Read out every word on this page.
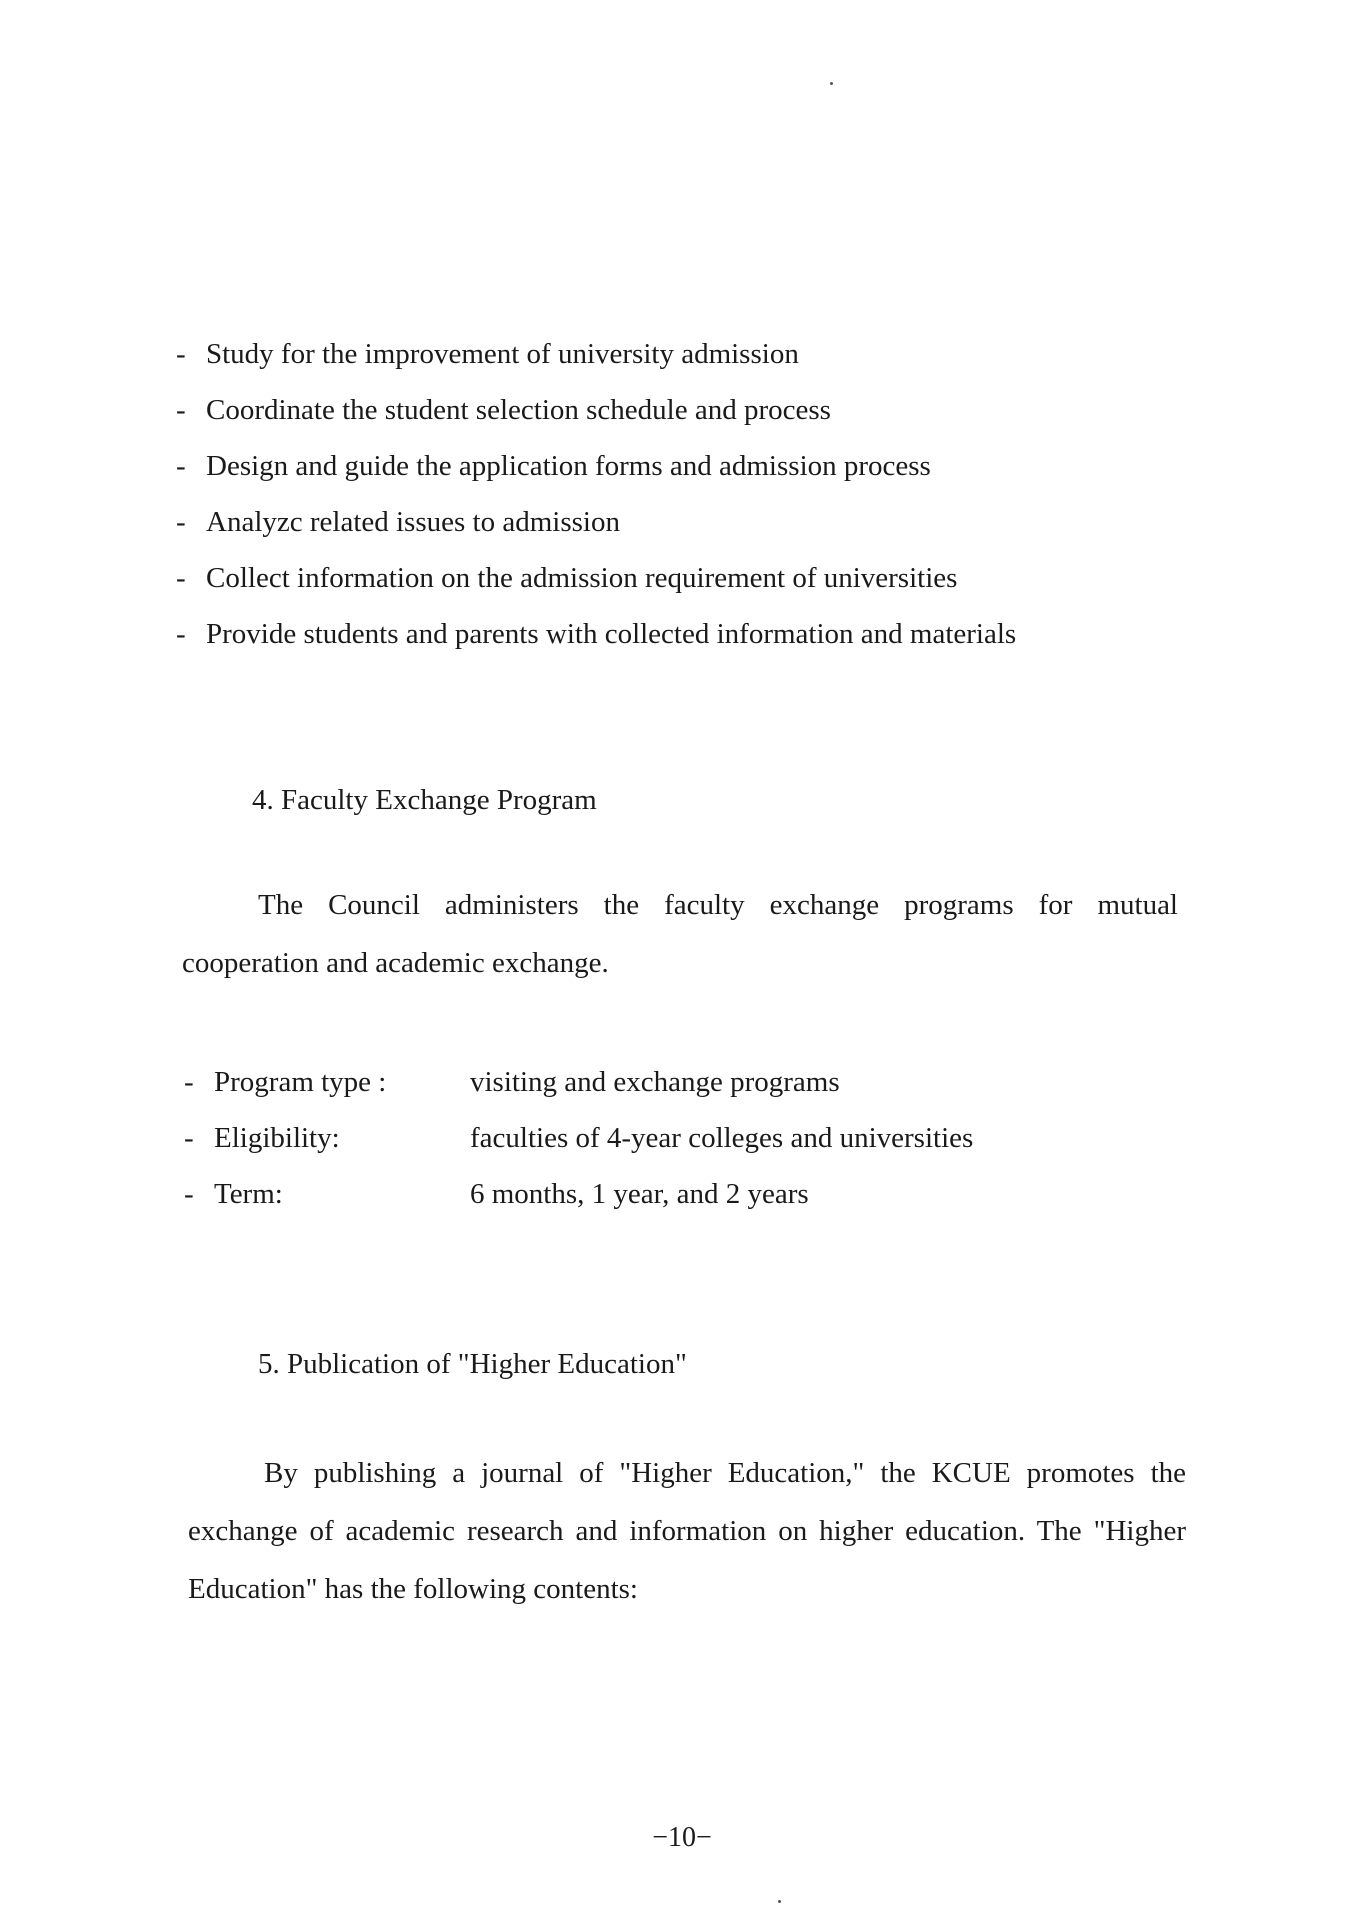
- Study for the improvement of university admission
- Coordinate the student selection schedule and process
- Design and guide the application forms and admission process
- Analyzc related issues to admission
- Collect information on the admission requirement of universities
- Provide students and parents with collected information and materials
4. Faculty Exchange Program
The Council administers the faculty exchange programs for mutual cooperation and academic exchange.
- Program type :	visiting and exchange programs
- Eligibility:	faculties of 4-year colleges and universities
- Term:	6 months, 1 year, and 2 years
5. Publication of "Higher Education"
By publishing a journal of "Higher Education," the KCUE promotes the exchange of academic research and information on higher education. The "Higher Education" has the following contents:
−10−
